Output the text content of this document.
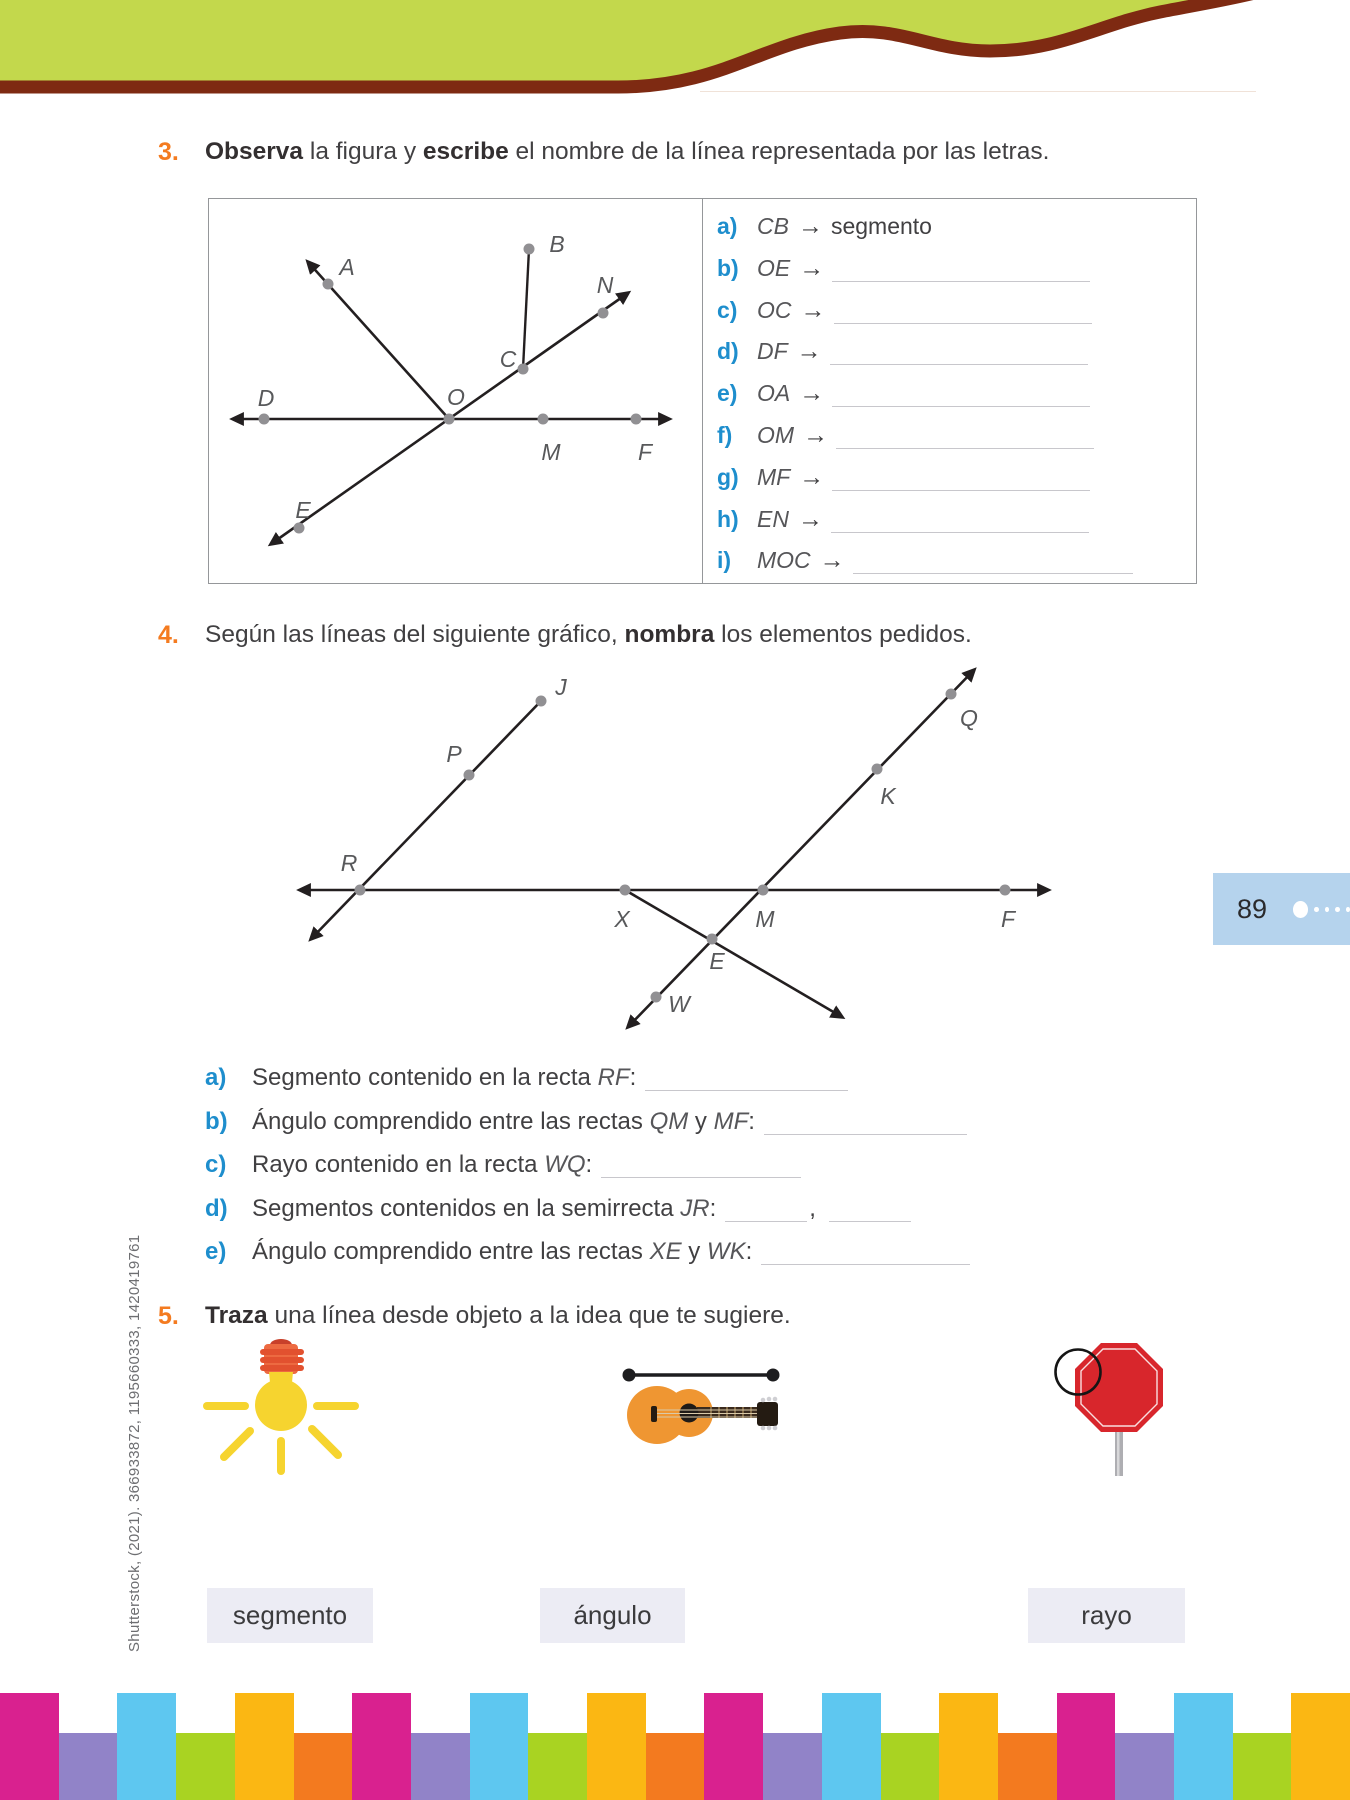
3. Observa la figura y escribe el nombre de la línea representada por las letras.

A
B
N
C
O
D
M	F
E
a) CB → segmento
b) OE →
c) OC →
d) DF →
e) OA →
f) OM →
g) MF →
h) EN →
i) MOC →
4. Según las líneas del siguiente gráfico, nombra los elementos pedidos.

J
P
R
X	M	F
Q
K
E
W
89
a) Segmento contenido en la recta RF:
b) Ángulo comprendido entre las rectas QM y MF:
c) Rayo contenido en la recta WQ:
d) Segmentos contenidos en la semirrecta JR:	,
e) Ángulo comprendido entre las rectas XE y WK:
5. Traza una línea desde objeto a la idea que te sugiere.

segmento	ángulo	rayo
Shutterstock, (2021). 366933872, 1195660333, 1420419761
